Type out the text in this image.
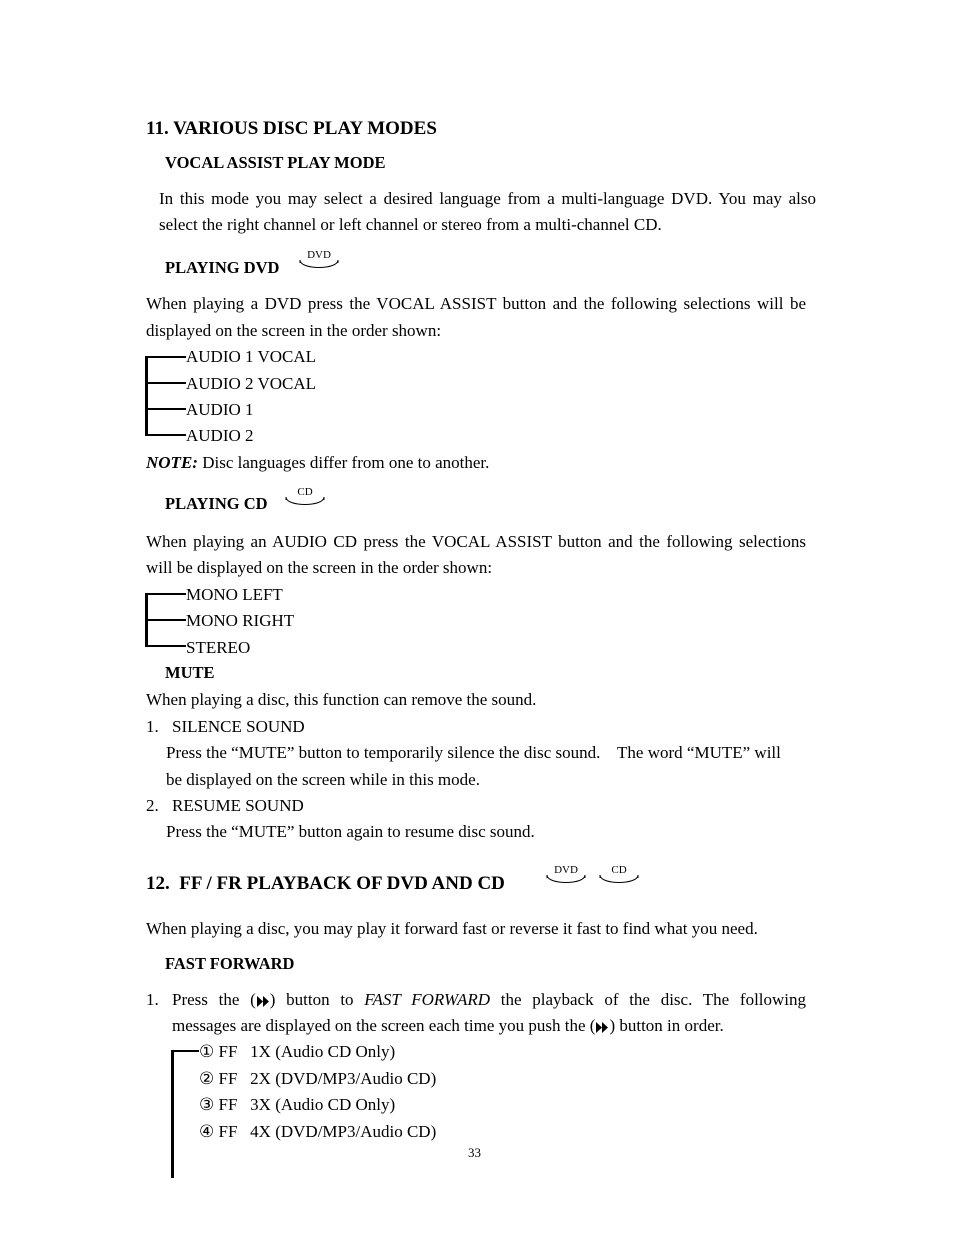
11. VARIOUS DISC PLAY MODES
VOCAL ASSIST PLAY MODE
In this mode you may select a desired language from a multi-language DVD. You may also
select the right channel or left channel or stereo from a multi-channel CD.
PLAYING DVD
DVD
When playing a DVD press the VOCAL ASSIST button and the following selections will be
displayed on the screen in the order shown:
AUDIO 1 VOCAL
AUDIO 2 VOCAL
AUDIO 1
AUDIO 2
NOTE: Disc languages differ from one to another.
PLAYING CD
CD
When playing an AUDIO CD press the VOCAL ASSIST button and the following selections
will be displayed on the screen in the order shown:
MONO LEFT
MONO RIGHT
STEREO
MUTE
When playing a disc, this function can remove the sound.
1. SILENCE SOUND
Press the “MUTE” button to temporarily silence the disc sound.    The word “MUTE” will
be displayed on the screen while in this mode.
2. RESUME SOUND
Press the “MUTE” button again to resume disc sound.
12.  FF / FR PLAYBACK OF DVD AND CD
DVD	CD
When playing a disc, you may play it forward fast or reverse it fast to find what you need.
FAST FORWARD
1. Press the ( ) button to FAST FORWARD the playback of the disc. The following
messages are displayed on the screen each time you push the ( ) button in order.
① FF 1X (Audio CD Only)
② FF 2X (DVD/MP3/Audio CD)
③ FF 3X (Audio CD Only)
④ FF 4X (DVD/MP3/Audio CD)
33
